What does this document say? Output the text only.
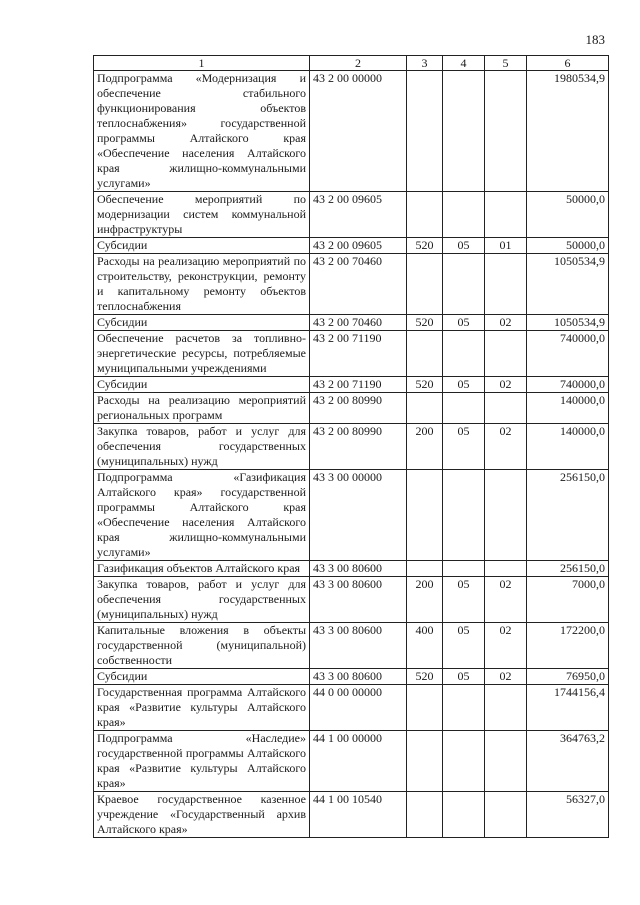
183
1	2	3	4	5	6
Подпрограмма «Модернизация и обеспечение стабильного функционирования объектов теплоснабжения» государственной программы Алтайского края «Обеспечение населения Алтайского края жилищно-коммунальными услугами»	43 2 00 00000				1980534,9
Обеспечение мероприятий по модернизации систем коммунальной инфраструктуры	43 2 00 09605				50000,0
Субсидии	43 2 00 09605	520	05	01	50000,0
Расходы на реализацию мероприятий по строительству, реконструкции, ремонту и капитальному ремонту объектов теплоснабжения	43 2 00 70460				1050534,9
Субсидии	43 2 00 70460	520	05	02	1050534,9
Обеспечение расчетов за топливно-энергетические ресурсы, потребляемые муниципальными учреждениями	43 2 00 71190				740000,0
Субсидии	43 2 00 71190	520	05	02	740000,0
Расходы на реализацию мероприятий региональных программ	43 2 00 80990				140000,0
Закупка товаров, работ и услуг для обеспечения государственных (муниципальных) нужд	43 2 00 80990	200	05	02	140000,0
Подпрограмма «Газификация Алтайского края» государственной программы Алтайского края «Обеспечение населения Алтайского края жилищно-коммунальными услугами»	43 3 00 00000				256150,0
Газификация объектов Алтайского края	43 3 00 80600				256150,0
Закупка товаров, работ и услуг для обеспечения государственных (муниципальных) нужд	43 3 00 80600	200	05	02	7000,0
Капитальные вложения в объекты государственной (муниципальной) собственности	43 3 00 80600	400	05	02	172200,0
Субсидии	43 3 00 80600	520	05	02	76950,0
Государственная программа Алтайского края «Развитие культуры Алтайского края»	44 0 00 00000				1744156,4
Подпрограмма «Наследие» государственной программы Алтайского края «Развитие культуры Алтайского края»	44 1 00 00000				364763,2
Краевое государственное казенное учреждение «Государственный архив Алтайского края»	44 1 00 10540				56327,0
